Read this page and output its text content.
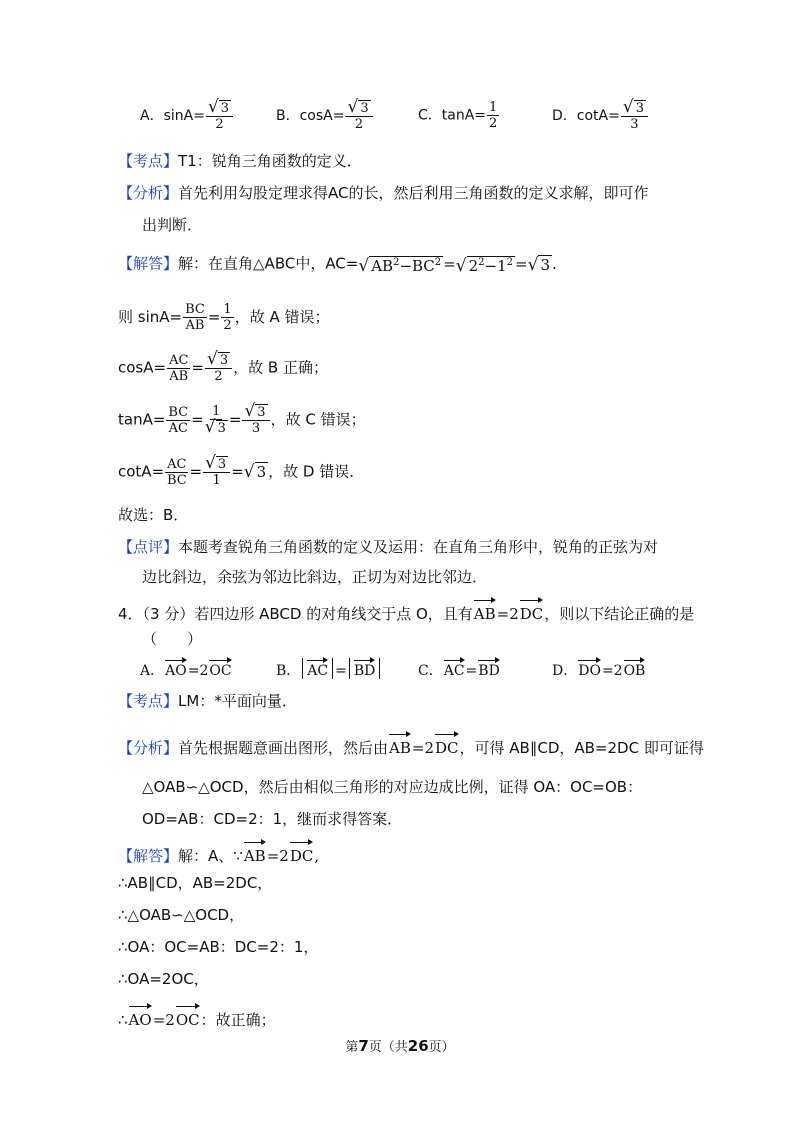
A．$\sin A= \frac{√ 3}{2}$	B．$\cos A= \frac{√ 3}{2}$	C．$\tan A= \frac{1}{2}$	D．$\cot A= \frac{√ 3}{3}$
【考点】T1：锐角三角函数的定义．
【分析】首先利用勾股定理求得AC的长，然后利用三角函数的定义求解，即可作
出判断．
【解答】解：在直角△ABC中，AC=√ $AB^2-BC^2$ =√ $2^2-1^2$ =√ 3 .
则 $\sin A= \frac{BC}{AB} = \frac{1}{2}$ ，故 A 错误；
$\cos A= \frac{AC}{AB} = \frac{√ 3}{2}$ ，故 B 正确；
$\tan A= \frac{BC}{AC} = \frac{1}{√ 3} = \frac{√ 3}{3}$ ，故 C 错误；
$\cot A= \frac{AC}{BC} = \frac{√ 3}{1}$ =√ 3 ，故 D 错误．
故选：B．
【点评】本题考查锐角三角函数的定义及运用：在直角三角形中，锐角的正弦为对
边比斜边，余弦为邻边比斜边，正切为对边比邻边．
4．（3 分）若四边形 ABCD 的对角线交于点 O，且有AB=2DC，则以下结论正确的是
（　　）
A．AO=2OC	B． AC = BD	C．AC=BD	D．DO=2OB
【考点】LM：*平面向量．
【分析】首先根据题意画出图形，然后由AB=2DC，可得 AB∥CD，AB=2DC 即可证得
△OAB∽△OCD，然后由相似三角形的对应边成比例，证得 OA：OC=OB：
OD=AB：CD=2：1，继而求得答案．
【解答】解：A、∵AB=2DC,
∴AB∥CD，AB=2DC，
∴△OAB∽△OCD，
∴OA：OC=AB：DC=2：1，
∴OA=2OC，
∴AO=2OC：故正确；
第7页（共26页）
